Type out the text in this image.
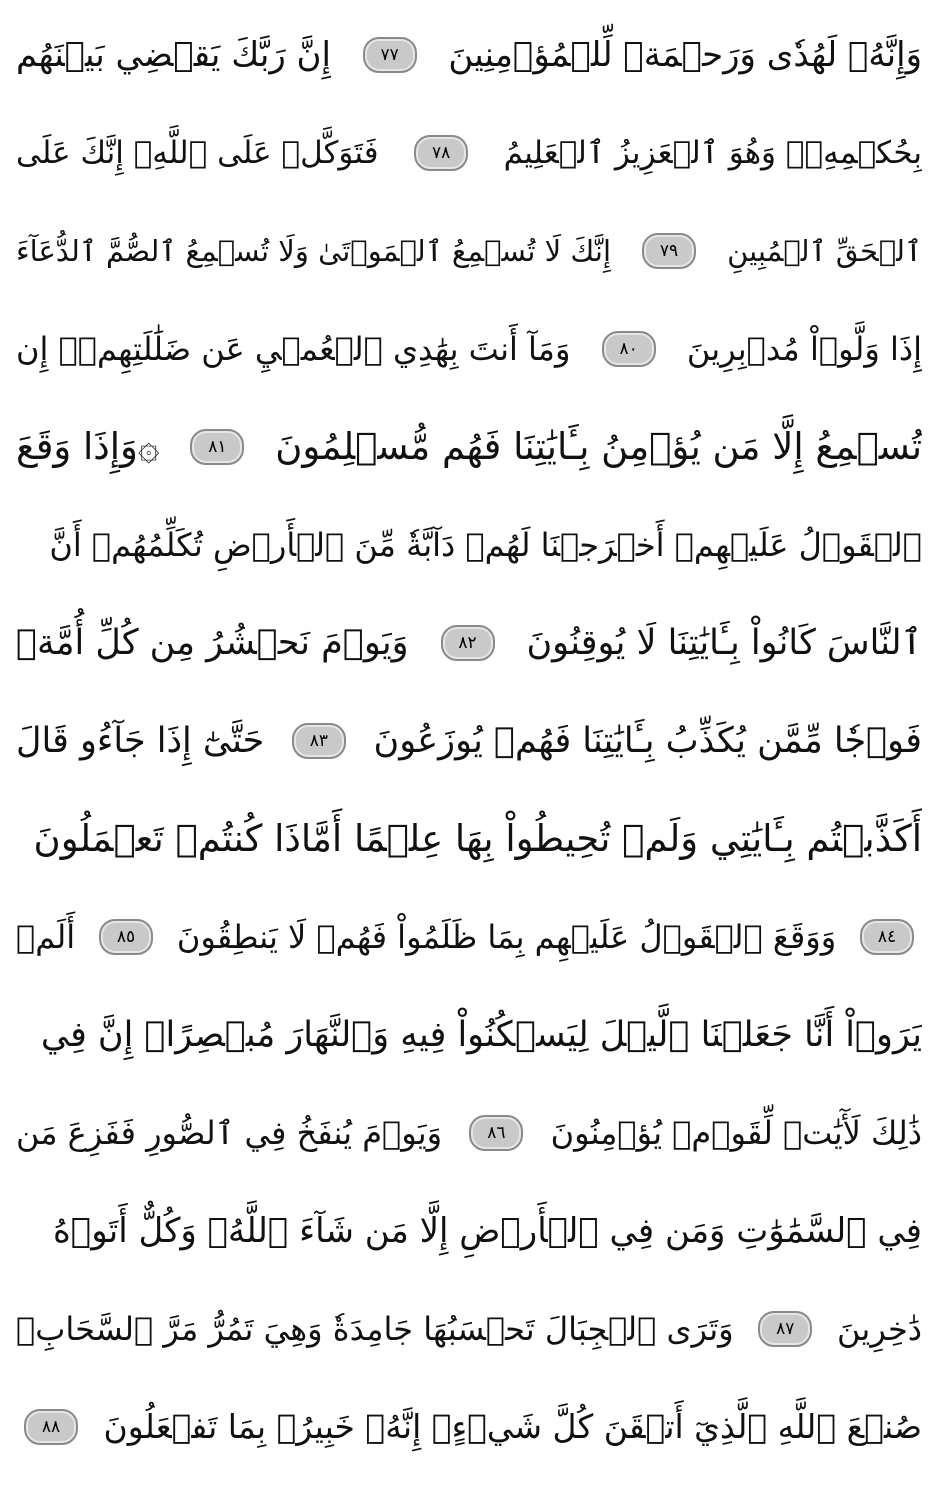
وَإِنَّهُۥ لَهُدٗى وَرَحۡمَةٞ لِّلۡمُؤۡمِنِينَ
٧٧
إِنَّ رَبَّكَ يَقۡضِي بَيۡنَهُم
بِحُكۡمِهِۦۚ وَهُوَ ٱلۡعَزِيزُ ٱلۡعَلِيمُ
٧٨
فَتَوَكَّلۡ عَلَى ٱللَّهِۖ إِنَّكَ عَلَى
ٱلۡحَقِّ ٱلۡمُبِينِ
٧٩
إِنَّكَ لَا تُسۡمِعُ ٱلۡمَوۡتَىٰ وَلَا تُسۡمِعُ ٱلصُّمَّ ٱلدُّعَآءَ
إِذَا وَلَّوۡاْ مُدۡبِرِينَ
٨٠
وَمَآ أَنتَ بِهَٰدِي ٱلۡعُمۡيِ عَن ضَلَٰلَتِهِمۡۖ إِن
تُسۡمِعُ إِلَّا مَن يُؤۡمِنُ بِـَٔايَٰتِنَا فَهُم مُّسۡلِمُونَ
٨١
۞وَإِذَا وَقَعَ
ٱلۡقَوۡلُ عَلَيۡهِمۡ أَخۡرَجۡنَا لَهُمۡ دَآبَّةٗ مِّنَ ٱلۡأَرۡضِ تُكَلِّمُهُمۡ أَنَّ
ٱلنَّاسَ كَانُواْ بِـَٔايَٰتِنَا لَا يُوقِنُونَ
٨٢
وَيَوۡمَ نَحۡشُرُ مِن كُلِّ أُمَّةٖ
فَوۡجٗا مِّمَّن يُكَذِّبُ بِـَٔايَٰتِنَا فَهُمۡ يُوزَعُونَ
٨٣
حَتَّىٰٓ إِذَا جَآءُو قَالَ
أَكَذَّبۡتُم بِـَٔايَٰتِي وَلَمۡ تُحِيطُواْ بِهَا عِلۡمًا أَمَّاذَا كُنتُمۡ تَعۡمَلُونَ
٨٤
وَوَقَعَ ٱلۡقَوۡلُ عَلَيۡهِم بِمَا ظَلَمُواْ فَهُمۡ لَا يَنطِقُونَ
٨٥
أَلَمۡ
يَرَوۡاْ أَنَّا جَعَلۡنَا ٱلَّيۡلَ لِيَسۡكُنُواْ فِيهِ وَٱلنَّهَارَ مُبۡصِرًاۚ إِنَّ فِي
ذَٰلِكَ لَأٓيَٰتٖ لِّقَوۡمٖ يُؤۡمِنُونَ
٨٦
وَيَوۡمَ يُنفَخُ فِي ٱلصُّورِ فَفَزِعَ مَن
فِي ٱلسَّمَٰوَٰتِ وَمَن فِي ٱلۡأَرۡضِ إِلَّا مَن شَآءَ ٱللَّهُۚ وَكُلٌّ أَتَوۡهُ
دَٰخِرِينَ
٨٧
وَتَرَى ٱلۡجِبَالَ تَحۡسَبُهَا جَامِدَةٗ وَهِيَ تَمُرُّ مَرَّ ٱلسَّحَابِۚ
صُنۡعَ ٱللَّهِ ٱلَّذِيٓ أَتۡقَنَ كُلَّ شَيۡءٍۚ إِنَّهُۥ خَبِيرُۢ بِمَا تَفۡعَلُونَ
٨٨
